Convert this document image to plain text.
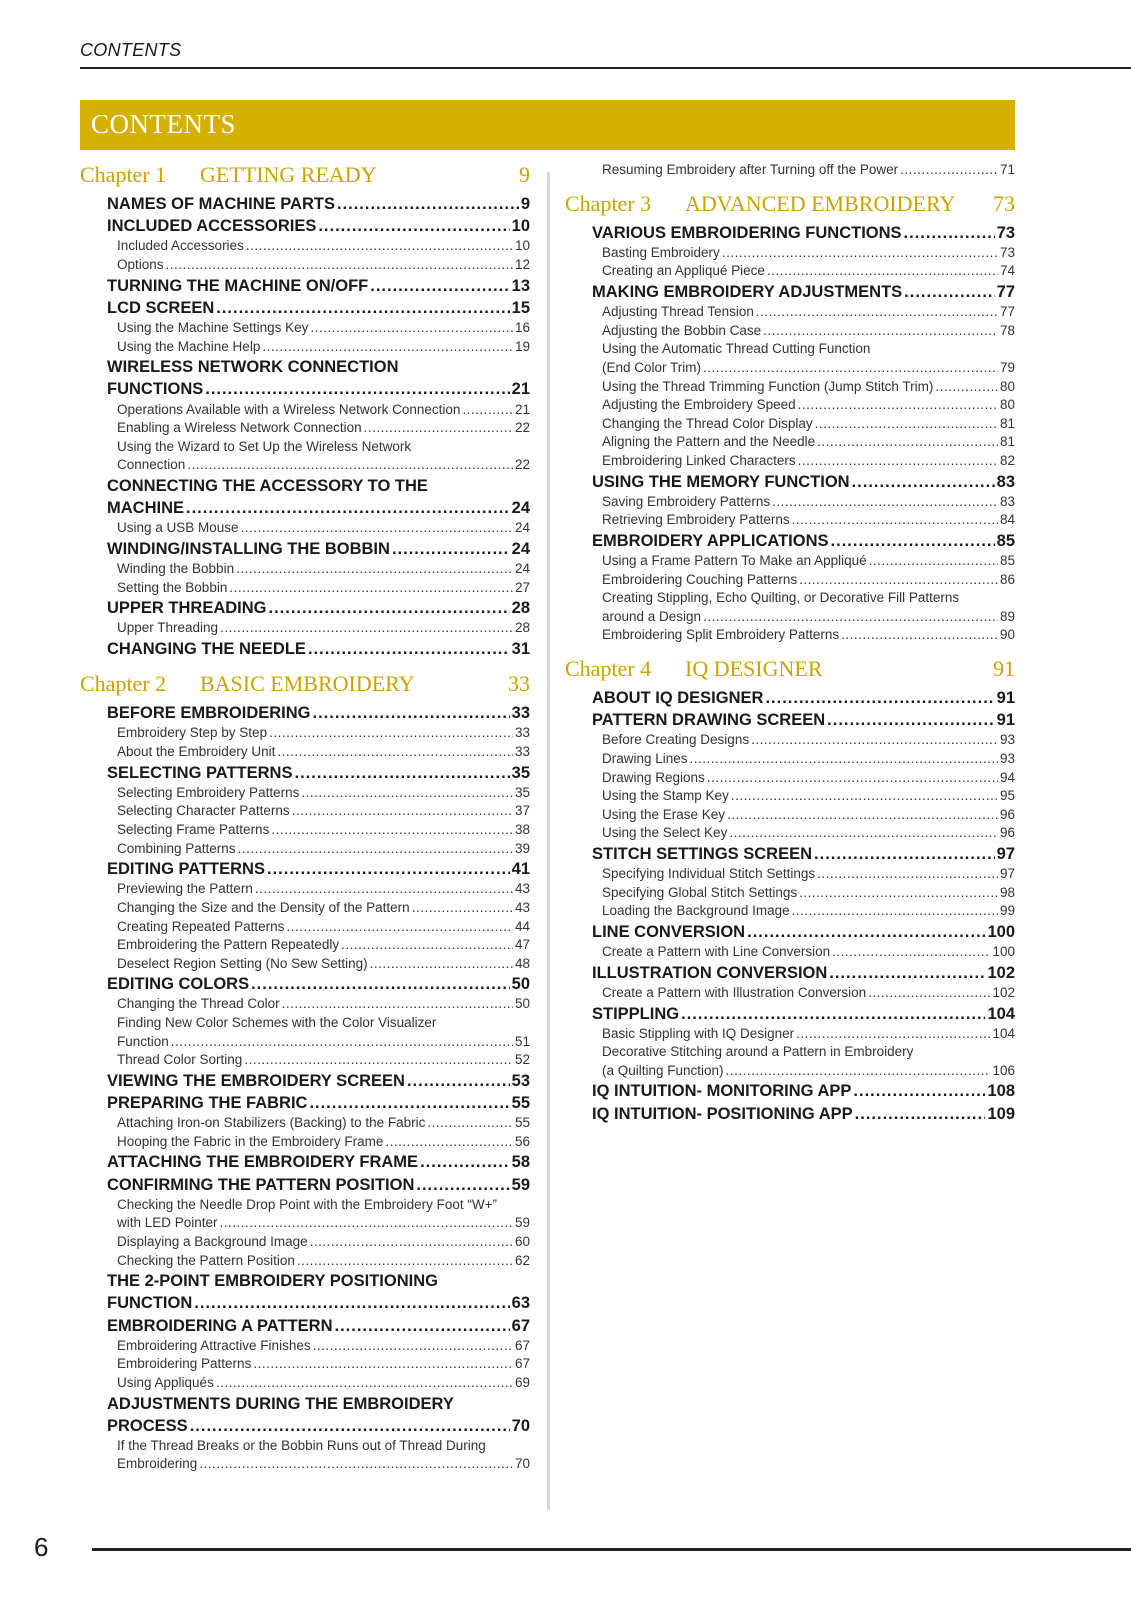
CONTENTS
CONTENTS
Chapter 1	GETTING READY	9
NAMES OF MACHINE PARTS .....	9
INCLUDED ACCESSORIES .....	10
Included Accessories .....	10
Options .....	12
TURNING THE MACHINE ON/OFF .....	13
LCD SCREEN .....	15
Using the Machine Settings Key .....	16
Using the Machine Help .....	19
WIRELESS NETWORK CONNECTION
FUNCTIONS .....	21
Operations Available with a Wireless Network Connection .....	21
Enabling a Wireless Network Connection .....	22
Using the Wizard to Set Up the Wireless Network
Connection .....	22
CONNECTING THE ACCESSORY TO THE
MACHINE .....	24
Using a USB Mouse .....	24
WINDING/INSTALLING THE BOBBIN .....	24
Winding the Bobbin .....	24
Setting the Bobbin .....	27
UPPER THREADING .....	28
Upper Threading .....	28
CHANGING THE NEEDLE .....	31
Chapter 2	BASIC EMBROIDERY	33
BEFORE EMBROIDERING .....	33
Embroidery Step by Step .....	33
About the Embroidery Unit .....	33
SELECTING PATTERNS .....	35
Selecting Embroidery Patterns .....	35
Selecting Character Patterns .....	37
Selecting Frame Patterns .....	38
Combining Patterns .....	39
EDITING PATTERNS .....	41
Previewing the Pattern .....	43
Changing the Size and the Density of the Pattern .....	43
Creating Repeated Patterns .....	44
Embroidering the Pattern Repeatedly .....	47
Deselect Region Setting (No Sew Setting) .....	48
EDITING COLORS .....	50
Changing the Thread Color .....	50
Finding New Color Schemes with the Color Visualizer
Function .....	51
Thread Color Sorting .....	52
VIEWING THE EMBROIDERY SCREEN .....	53
PREPARING THE FABRIC .....	55
Attaching Iron-on Stabilizers (Backing) to the Fabric .....	55
Hooping the Fabric in the Embroidery Frame .....	56
ATTACHING THE EMBROIDERY FRAME .....	58
CONFIRMING THE PATTERN POSITION .....	59
Checking the Needle Drop Point with the Embroidery Foot “W+”
with LED Pointer .....	59
Displaying a Background Image .....	60
Checking the Pattern Position .....	62
THE 2-POINT EMBROIDERY POSITIONING
FUNCTION .....	63
EMBROIDERING A PATTERN .....	67
Embroidering Attractive Finishes .....	67
Embroidering Patterns .....	67
Using Appliqués .....	69
ADJUSTMENTS DURING THE EMBROIDERY
PROCESS .....	70
If the Thread Breaks or the Bobbin Runs out of Thread During
Embroidering .....	70
Resuming Embroidery after Turning off the Power .....	71
Chapter 3	ADVANCED EMBROIDERY 73
VARIOUS EMBROIDERING FUNCTIONS .....	73
Basting Embroidery .....	73
Creating an Appliqué Piece .....	74
MAKING EMBROIDERY ADJUSTMENTS .....	77
Adjusting Thread Tension .....	77
Adjusting the Bobbin Case .....	78
Using the Automatic Thread Cutting Function
(End Color Trim) .....	79
Using the Thread Trimming Function (Jump Stitch Trim) .....	80
Adjusting the Embroidery Speed .....	80
Changing the Thread Color Display .....	81
Aligning the Pattern and the Needle .....	81
Embroidering Linked Characters .....	82
USING THE MEMORY FUNCTION .....	83
Saving Embroidery Patterns .....	83
Retrieving Embroidery Patterns .....	84
EMBROIDERY APPLICATIONS .....	85
Using a Frame Pattern To Make an Appliqué .....	85
Embroidering Couching Patterns .....	86
Creating Stippling, Echo Quilting, or Decorative Fill Patterns
around a Design .....	89
Embroidering Split Embroidery Patterns .....	90
Chapter 4	IQ DESIGNER	91
ABOUT IQ DESIGNER .....	91
PATTERN DRAWING SCREEN .....	91
Before Creating Designs .....	93
Drawing Lines .....	93
Drawing Regions .....	94
Using the Stamp Key .....	95
Using the Erase Key .....	96
Using the Select Key .....	96
STITCH SETTINGS SCREEN .....	97
Specifying Individual Stitch Settings .....	97
Specifying Global Stitch Settings .....	98
Loading the Background Image .....	99
LINE CONVERSION .....	100
Create a Pattern with Line Conversion .....	100
ILLUSTRATION CONVERSION .....	102
Create a Pattern with Illustration Conversion .....	102
STIPPLING .....	104
Basic Stippling with IQ Designer .....	104
Decorative Stitching around a Pattern in Embroidery
(a Quilting Function) .....	106
IQ INTUITION- MONITORING APP .....	108
IQ INTUITION- POSITIONING APP .....	109
6
